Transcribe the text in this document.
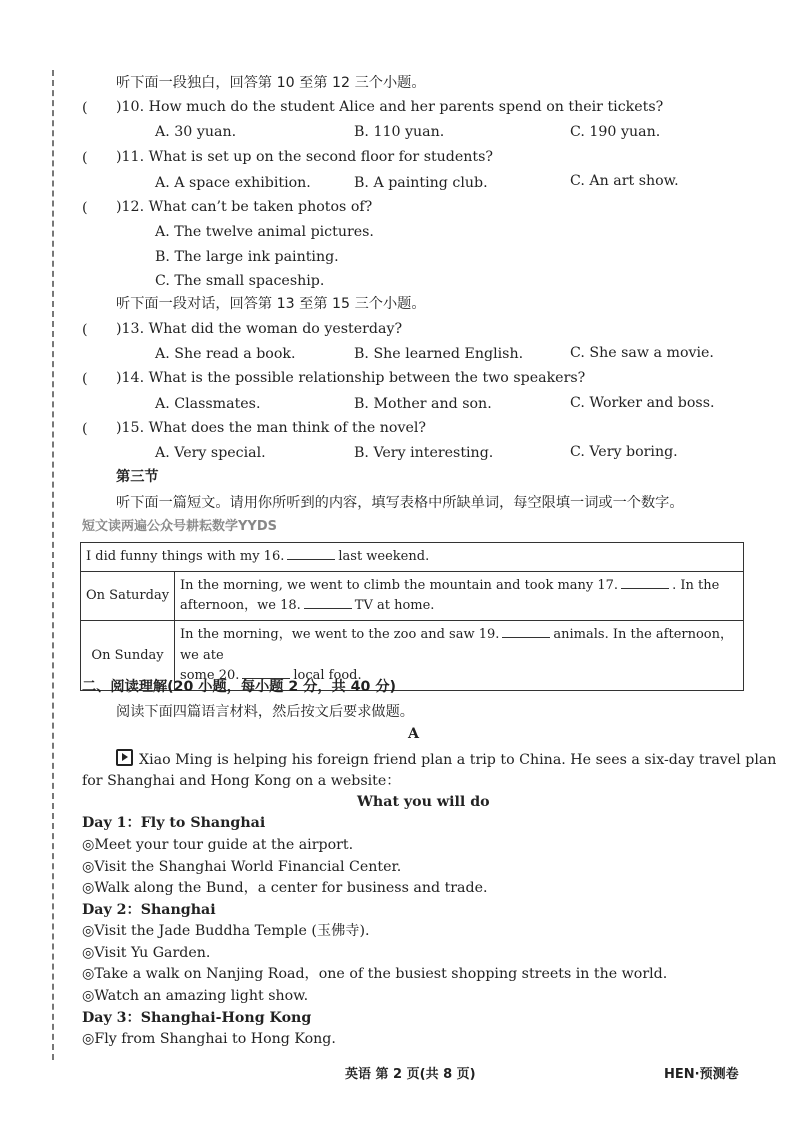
听下面一段独白，回答第 10 至第 12 三个小题。
( )10. How much do the student Alice and her parents spend on their tickets?
A. 30 yuan.	B. 110 yuan.	C. 190 yuan.
( )11. What is set up on the second floor for students?
A. A space exhibition.	B. A painting club.	C. An art show.
( )12. What can’t be taken photos of?
A. The twelve animal pictures.
B. The large ink painting.
C. The small spaceship.
听下面一段对话，回答第 13 至第 15 三个小题。
( )13. What did the woman do yesterday?
A. She read a book.	B. She learned English.	C. She saw a movie.
( )14. What is the possible relationship between the two speakers?
A. Classmates.	B. Mother and son.	C. Worker and boss.
( )15. What does the man think of the novel?
A. Very special.	B. Very interesting.	C. Very boring.
第三节
听下面一篇短文。请用你所听到的内容，填写表格中所缺单词，每空限填一词或一个数字。
短文读两遍公众号耕耘数学YYDS
I did funny things with my 16. last weekend.	
On Saturday	In the morning, we went to climb the mountain and took many 17. . In the
afternoon，we 18. TV at home.
On Sunday	In the morning，we went to the zoo and saw 19. animals. In the afternoon，we ate
some 20. local food.
二、阅读理解(20 小题，每小题 2 分，共 40 分)
阅读下面四篇语言材料，然后按文后要求做题。
A
Xiao Ming is helping his foreign friend plan a trip to China. He sees a six-day travel plan
for Shanghai and Hong Kong on a website：
What you will do
Day 1：Fly to Shanghai
◎Meet your tour guide at the airport.
◎Visit the Shanghai World Financial Center.
◎Walk along the Bund，a center for business and trade.
Day 2：Shanghai
◎Visit the Jade Buddha Temple (玉佛寺).
◎Visit Yu Garden.
◎Take a walk on Nanjing Road，one of the busiest shopping streets in the world.
◎Watch an amazing light show.
Day 3：Shanghai-Hong Kong
◎Fly from Shanghai to Hong Kong.
英语 第 2 页(共 8 页)	HEN·预测卷
